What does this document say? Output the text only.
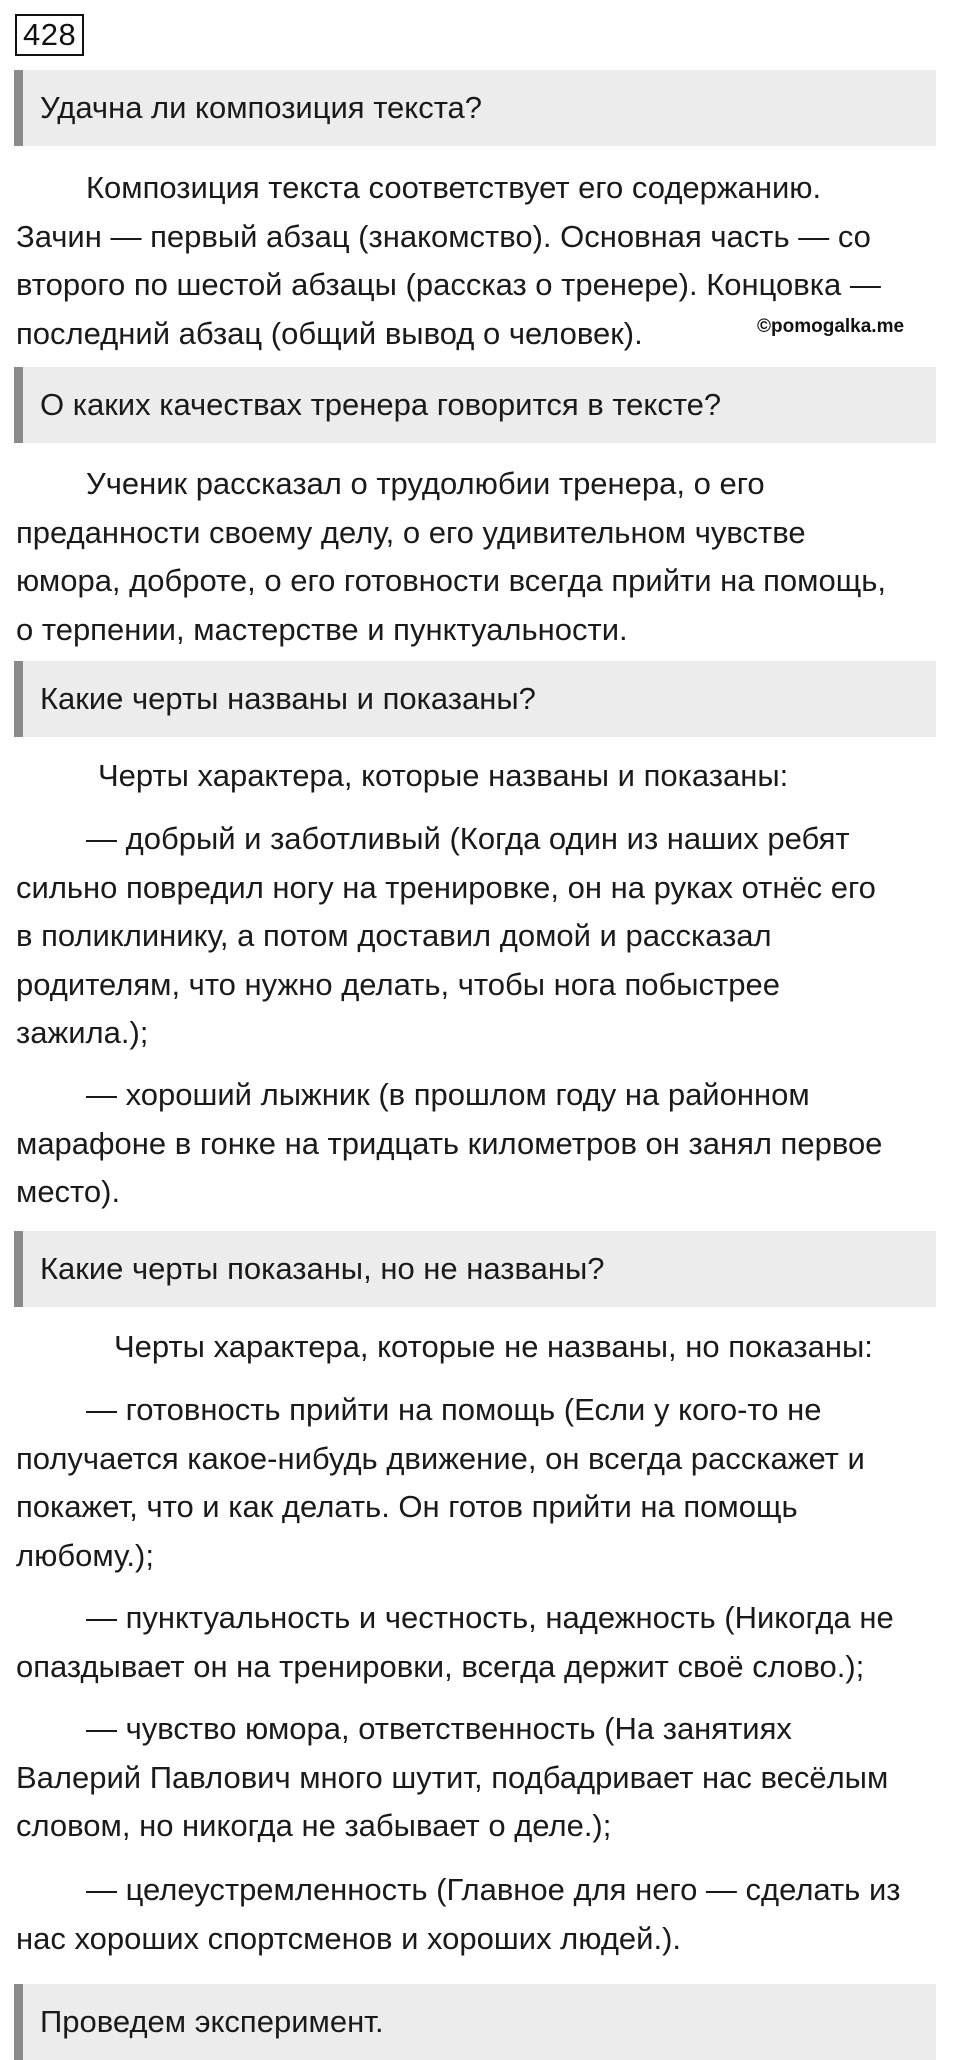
428
Удачна ли композиция текста?

Композиция текста соответствует его содержанию.
Зачин — первый абзац (знакомство). Основная часть — со
второго по шестой абзацы (рассказ о тренере). Концовка —
последний абзац (общий вывод о человек).	©pomogalka.me
О каких качествах тренера говорится в тексте?

Ученик рассказал о трудолюбии тренера, о его
преданности своему делу, о его удивительном чувстве
юмора, доброте, о его готовности всегда прийти на помощь,
о терпении, мастерстве и пунктуальности.

Какие черты названы и показаны?

Черты характера, которые названы и показаны:

— добрый и заботливый (Когда один из наших ребят
сильно повредил ногу на тренировке, он на руках отнёс его
в поликлинику, а потом доставил домой и рассказал
родителям, что нужно делать, чтобы нога побыстрее
зажила.);

— хороший лыжник (в прошлом году на районном
марафоне в гонке на тридцать километров он занял первое
место).

Какие черты показаны, но не названы?

Черты характера, которые не названы, но показаны:

— готовность прийти на помощь (Если у кого-то не
получается какое-нибудь движение, он всегда расскажет и
покажет, что и как делать. Он готов прийти на помощь
любому.);

— пунктуальность и честность, надежность (Никогда не
опаздывает он на тренировки, всегда держит своё слово.);

— чувство юмора, ответственность (На занятиях
Валерий Павлович много шутит, подбадривает нас весёлым
словом, но никогда не забывает о деле.);

— целеустремленность (Главное для него — сделать из
нас хороших спортсменов и хороших людей.).

Проведем эксперимент.
